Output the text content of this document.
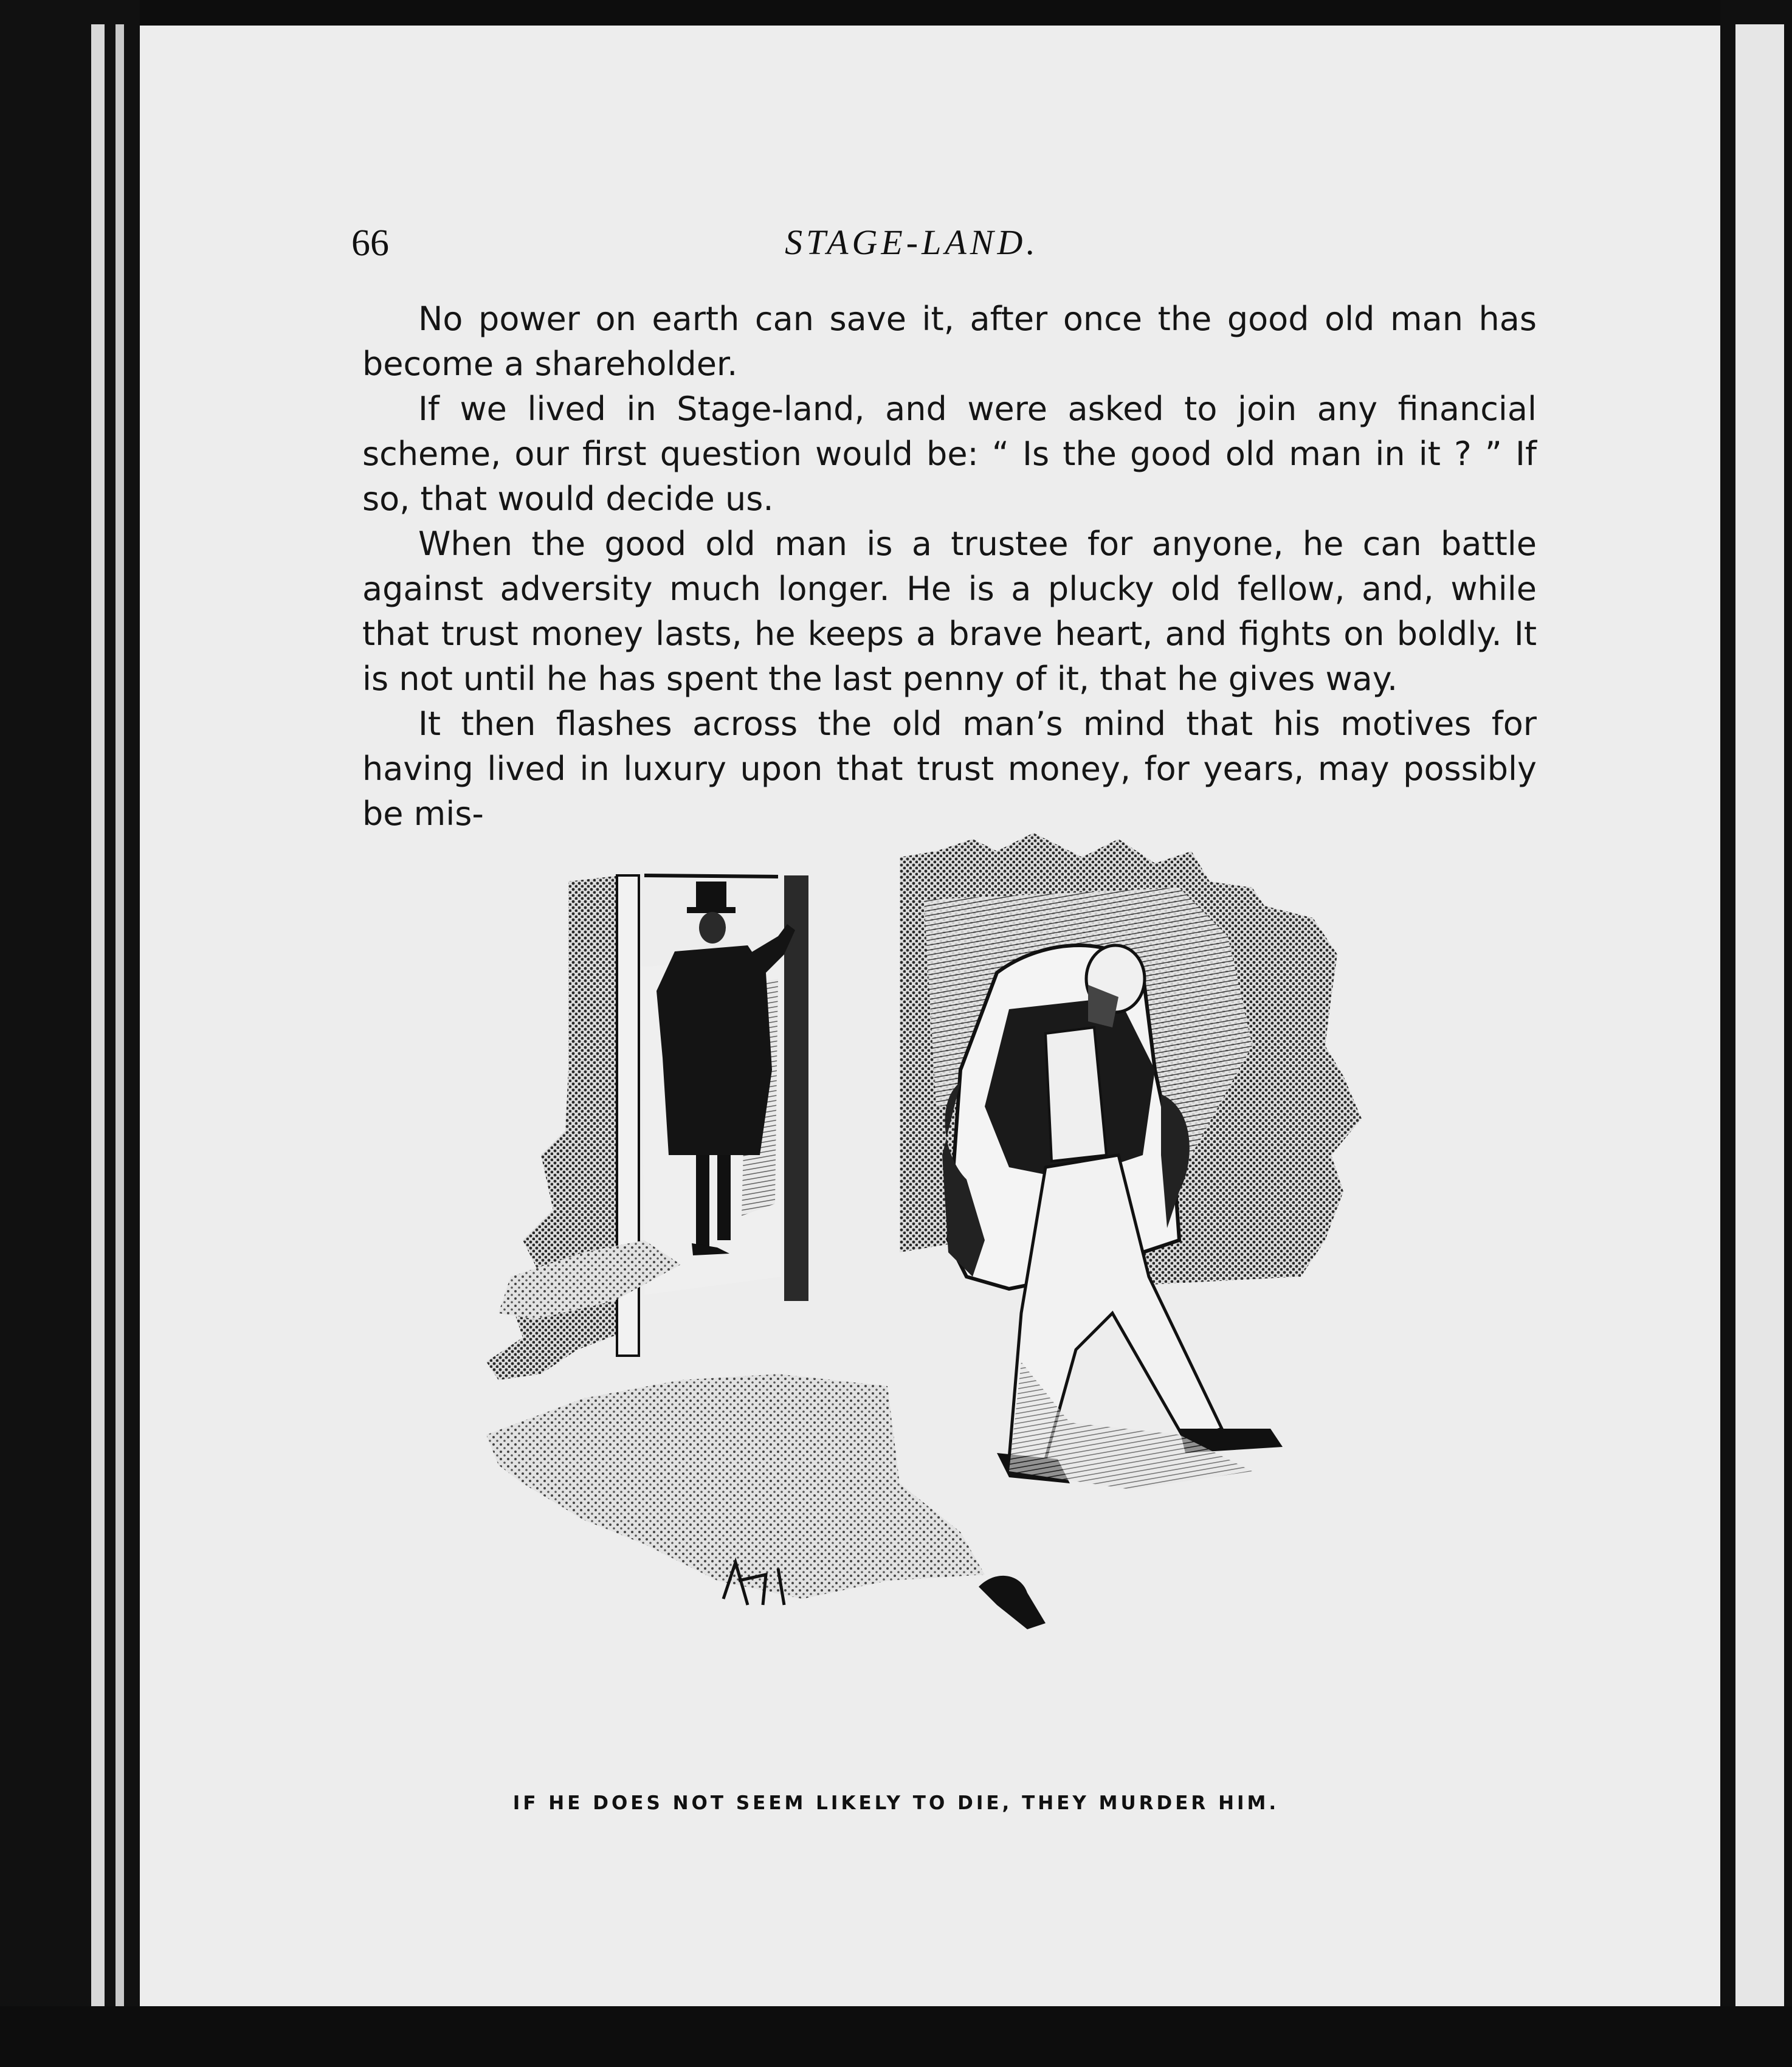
66	STAGE-LAND.

No power on earth can save it, after once the good old man has become a shareholder.

If we lived in Stage-land, and were asked to join any financial scheme, our first question would be: “ Is the good old man in it ? ” If so, that would decide us.

When the good old man is a trustee for anyone, he can battle against adversity much longer. He is a plucky old fellow, and, while that trust money lasts, he keeps a brave heart, and fights on boldly. It is not until he has spent the last penny of it, that he gives way.

It then flashes across the old man’s mind that his motives for having lived in luxury upon that trust money, for years, may possibly be mis-

IF HE DOES NOT SEEM LIKELY TO DIE, THEY MURDER HIM.
